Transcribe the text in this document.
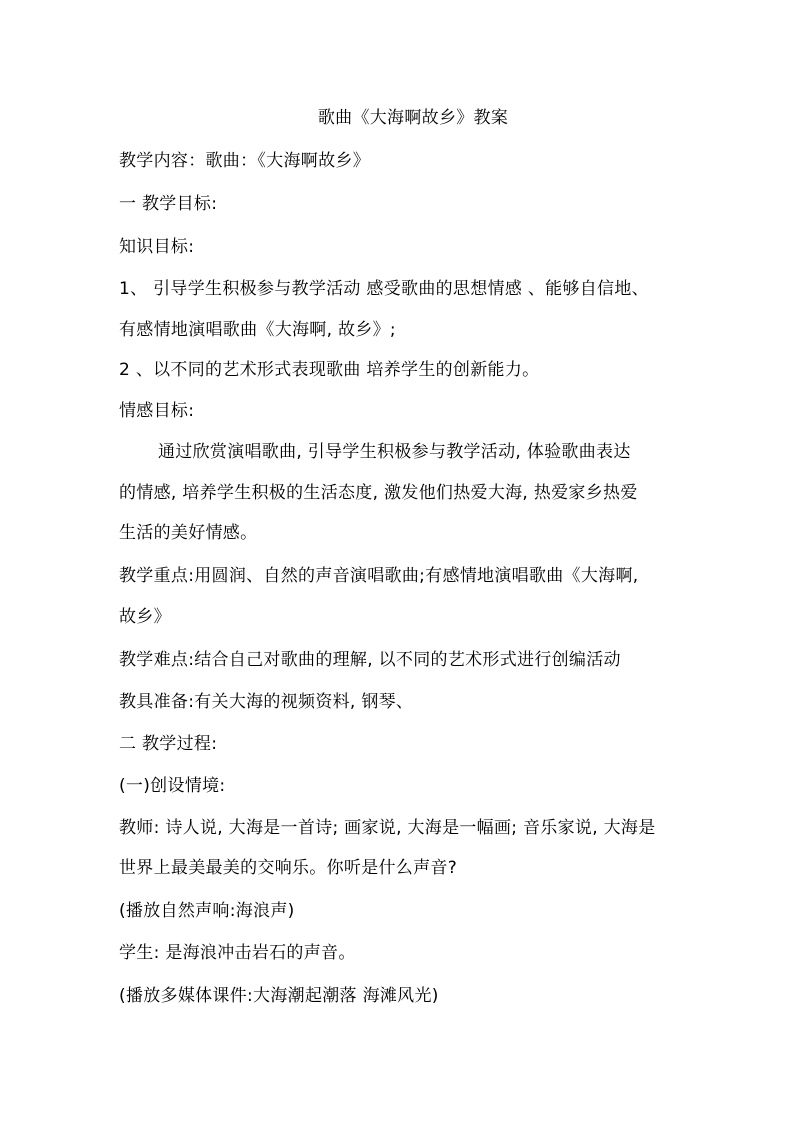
歌曲《大海啊故乡》教案
教学内容：歌曲：《大海啊故乡》
一 教学目标:
知识目标:
1、 引导学生积极参与教学活动 感受歌曲的思想情感 、能够自信地、
有感情地演唱歌曲《大海啊, 故乡》;
2 、以不同的艺术形式表现歌曲 培养学生的创新能力。
情感目标:
通过欣赏演唱歌曲, 引导学生积极参与教学活动, 体验歌曲表达
的情感, 培养学生积极的生活态度, 激发他们热爱大海, 热爱家乡热爱
生活的美好情感。
教学重点:用圆润、自然的声音演唱歌曲;有感情地演唱歌曲《大海啊,
故乡》
教学难点:结合自己对歌曲的理解, 以不同的艺术形式进行创编活动
教具准备:有关大海的视频资料, 钢琴、
二 教学过程:
(一)创设情境:
教师: 诗人说, 大海是一首诗; 画家说, 大海是一幅画; 音乐家说, 大海是
世界上最美最美的交响乐。你听是什么声音?
(播放自然声响:海浪声)
学生: 是海浪冲击岩石的声音。
(播放多媒体课件:大海潮起潮落 海滩风光)
